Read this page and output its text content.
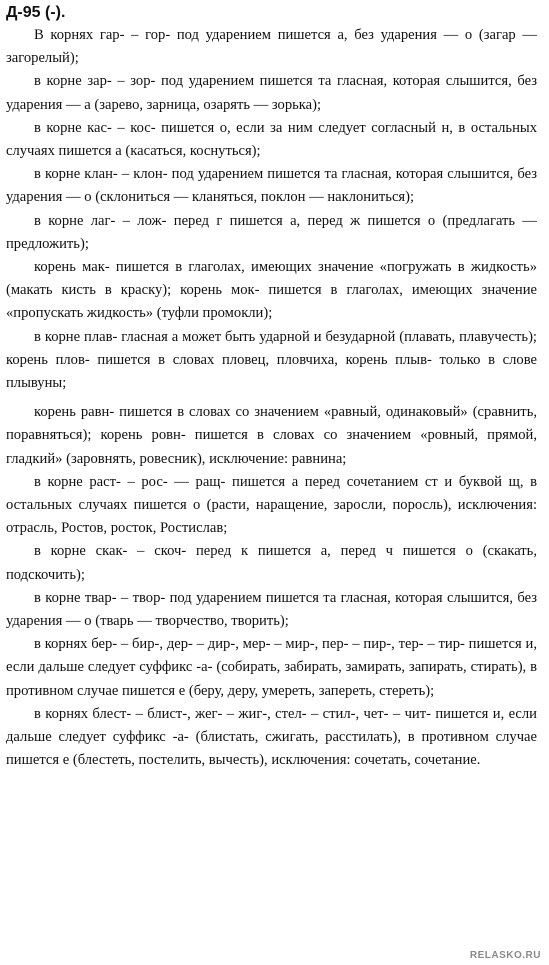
Д-95 (-).

В корнях гар- – гор- под ударением пишется а, без ударения — о (загар — загорелый);

в корне зар- – зор- под ударением пишется та гласная, которая слышится, без ударения — а (зарево, зарница, озарять — зорька);

в корне кас- – кос- пишется о, если за ним следует согласный н, в остальных случаях пишется а (касаться, коснуться);

в корне клан- – клон- под ударением пишется та гласная, которая слышится, без ударения — о (склониться — кланяться, поклон — наклониться);

в корне лаг- – лож- перед г пишется а, перед ж пишется о (предлагать — предложить);

корень мак- пишется в глаголах, имеющих значение «погружать в жидкость» (макать кисть в краску); корень мок- пишется в глаголах, имеющих значение «пропускать жидкость» (туфли промокли);

в корне плав- гласная а может быть ударной и безударной (плавать, плавучесть); корень плов- пишется в словах пловец, пловчиха, корень плыв- только в слове плывуны;

корень равн- пишется в словах со значением «равный, одинаковый» (сравнить, поравняться); корень ровн- пишется в словах со значением «ровный, прямой, гладкий» (заровнять, ровесник), исключение: равнина;

в корне раст- – рос- — ращ- пишется а перед сочетанием ст и буквой щ, в остальных случаях пишется о (расти, наращение, заросли, поросль), исключения: отрасль, Ростов, росток, Ростислав;

в корне скак- – скоч- перед к пишется а, перед ч пишется о (скакать, подскочить);

в корне твар- – твор- под ударением пишется та гласная, которая слышится, без ударения — о (тварь — творчество, творить);

в корнях бер- – бир-, дер- – дир-, мер- – мир-, пер- – пир-, тер- – тир- пишется и, если дальше следует суффикс -а- (собирать, забирать, замирать, запирать, стирать), в противном случае пишется е (беру, деру, умереть, запереть, стереть);

в корнях блест- – блист-, жег- – жиг-, стел- – стил-, чет- – чит- пишется и, если дальше следует суффикс -а- (блистать, сжигать, расстилать), в противном случае пишется е (блестеть, постелить, вычесть), исключения: сочетать, сочетание.

RELASKO.RU
